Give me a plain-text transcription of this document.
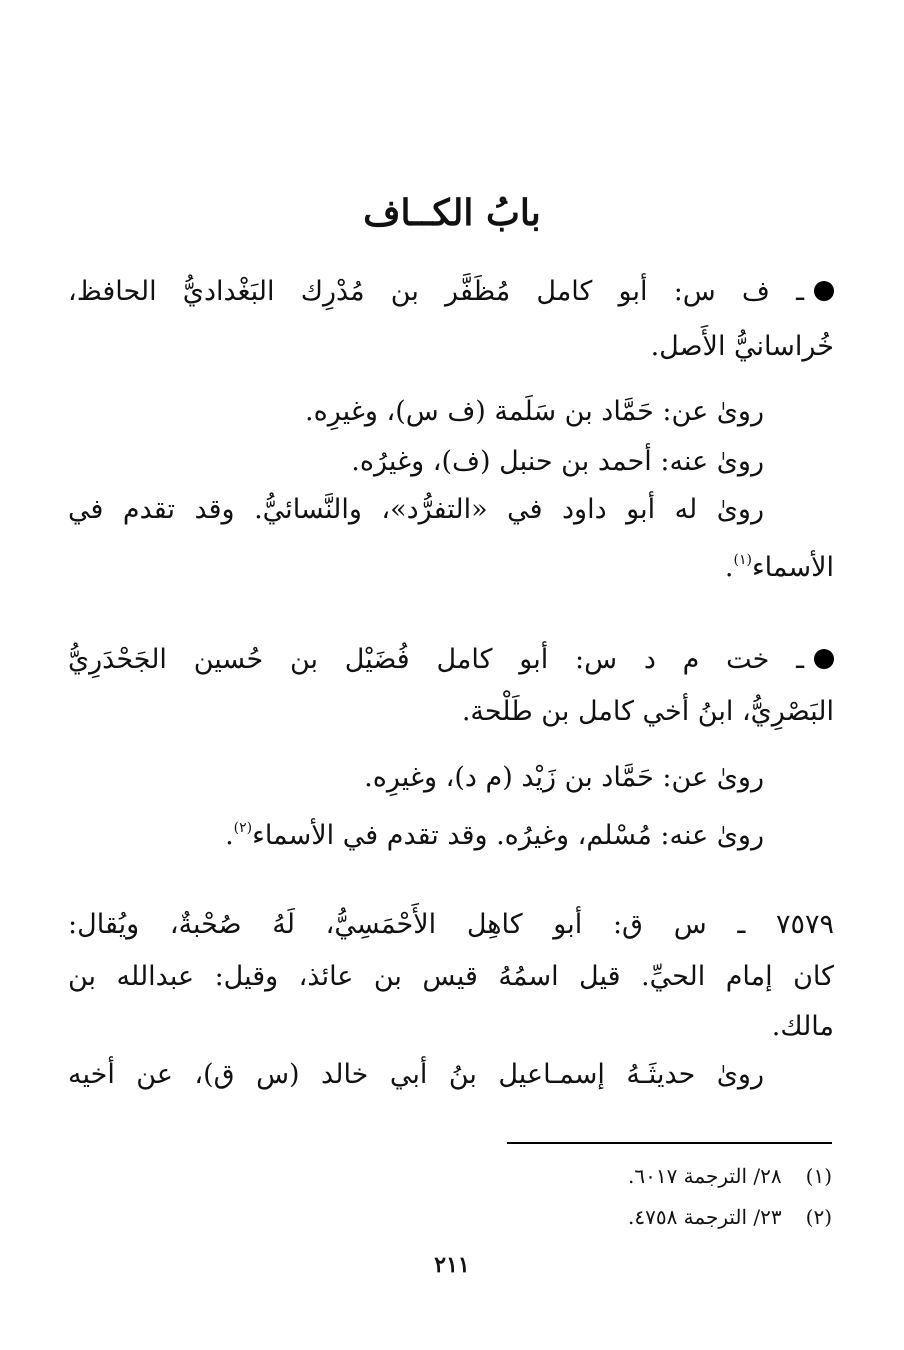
بابُ الكــاف
ـ ف س: أبو كامل مُظَفَّر بن مُدْرِك البَغْداديُّ الحافظ،
خُراسانيُّ الأَصل.
رویٰ عن: حَمَّاد بن سَلَمة (ف س)، وغيرِه.
رویٰ عنه: أحمد بن حنبل (ف)، وغيرُه.
رویٰ له أبو داود في «التفرُّد»، والنَّسائيُّ. وقد تقدم في
الأسماء$^{(١)}$.
ـ خت م د س: أبو كامل فُضَيْل بن حُسين الجَحْدَرِيُّ
البَصْرِيُّ، ابنُ أخي كامل بن طَلْحة.
رویٰ عن: حَمَّاد بن زَيْد (م د)، وغيرِه.
رویٰ عنه: مُسْلم، وغيرُه. وقد تقدم في الأسماء$^{(٢)}$.
٧٥٧٩ ـ س ق: أبو كاهِل الأَحْمَسِيُّ، لَهُ صُحْبةٌ، ويُقال:
كان إمام الحيِّ. قيل اسمُهُ قيس بن عائذ، وقيل: عبدالله بن
مالك.
رویٰ حديثَـهُ إسمـاعيل بنُ أبي خالد (س ق)، عن أخيه
(١)٢٨/ الترجمة ٦٠١٧.
(٢)٢٣/ الترجمة ٤٧٥٨.
٢١١
